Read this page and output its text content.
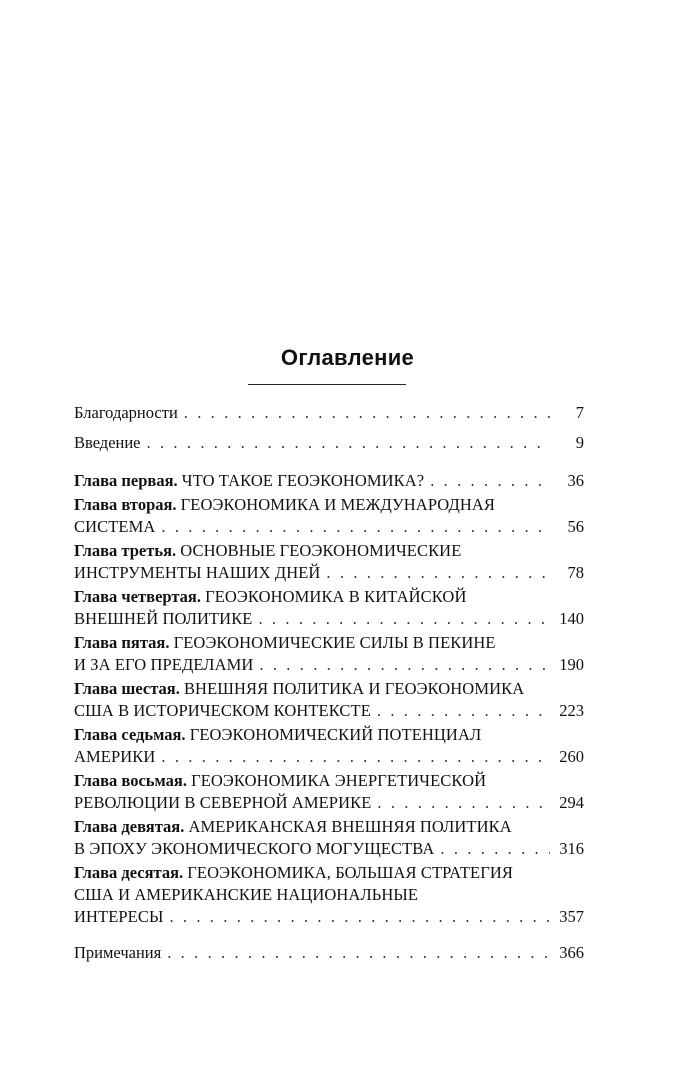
Оглавление
Благодарности . . .	7
Введение . . .	9
Глава первая. ЧТО ТАКОЕ ГЕОЭКОНОМИКА? . . .	36
Глава вторая. ГЕОЭКОНОМИКА И МЕЖДУНАРОДНАЯ
СИСТЕМА . . .	56
Глава третья. ОСНОВНЫЕ ГЕОЭКОНОМИЧЕСКИЕ
ИНСТРУМЕНТЫ НАШИХ ДНЕЙ . . .	78
Глава четвертая. ГЕОЭКОНОМИКА В КИТАЙСКОЙ
ВНЕШНЕЙ ПОЛИТИКЕ . . .	140
Глава пятая. ГЕОЭКОНОМИЧЕСКИЕ СИЛЫ В ПЕКИНЕ
И ЗА ЕГО ПРЕДЕЛАМИ . . .	190
Глава шестая. ВНЕШНЯЯ ПОЛИТИКА И ГЕОЭКОНОМИКА
США В ИСТОРИЧЕСКОМ КОНТЕКСТЕ . . .	223
Глава седьмая. ГЕОЭКОНОМИЧЕСКИЙ ПОТЕНЦИАЛ
АМЕРИКИ . . .	260
Глава восьмая. ГЕОЭКОНОМИКА ЭНЕРГЕТИЧЕСКОЙ
РЕВОЛЮЦИИ В СЕВЕРНОЙ АМЕРИКЕ . . .	294
Глава девятая. АМЕРИКАНСКАЯ ВНЕШНЯЯ ПОЛИТИКА
В ЭПОХУ ЭКОНОМИЧЕСКОГО МОГУЩЕСТВА . . .	316
Глава десятая. ГЕОЭКОНОМИКА, БОЛЬШАЯ СТРАТЕГИЯ
США И АМЕРИКАНСКИЕ НАЦИОНАЛЬНЫЕ
ИНТЕРЕСЫ . . .	357
Примечания . . .	366
